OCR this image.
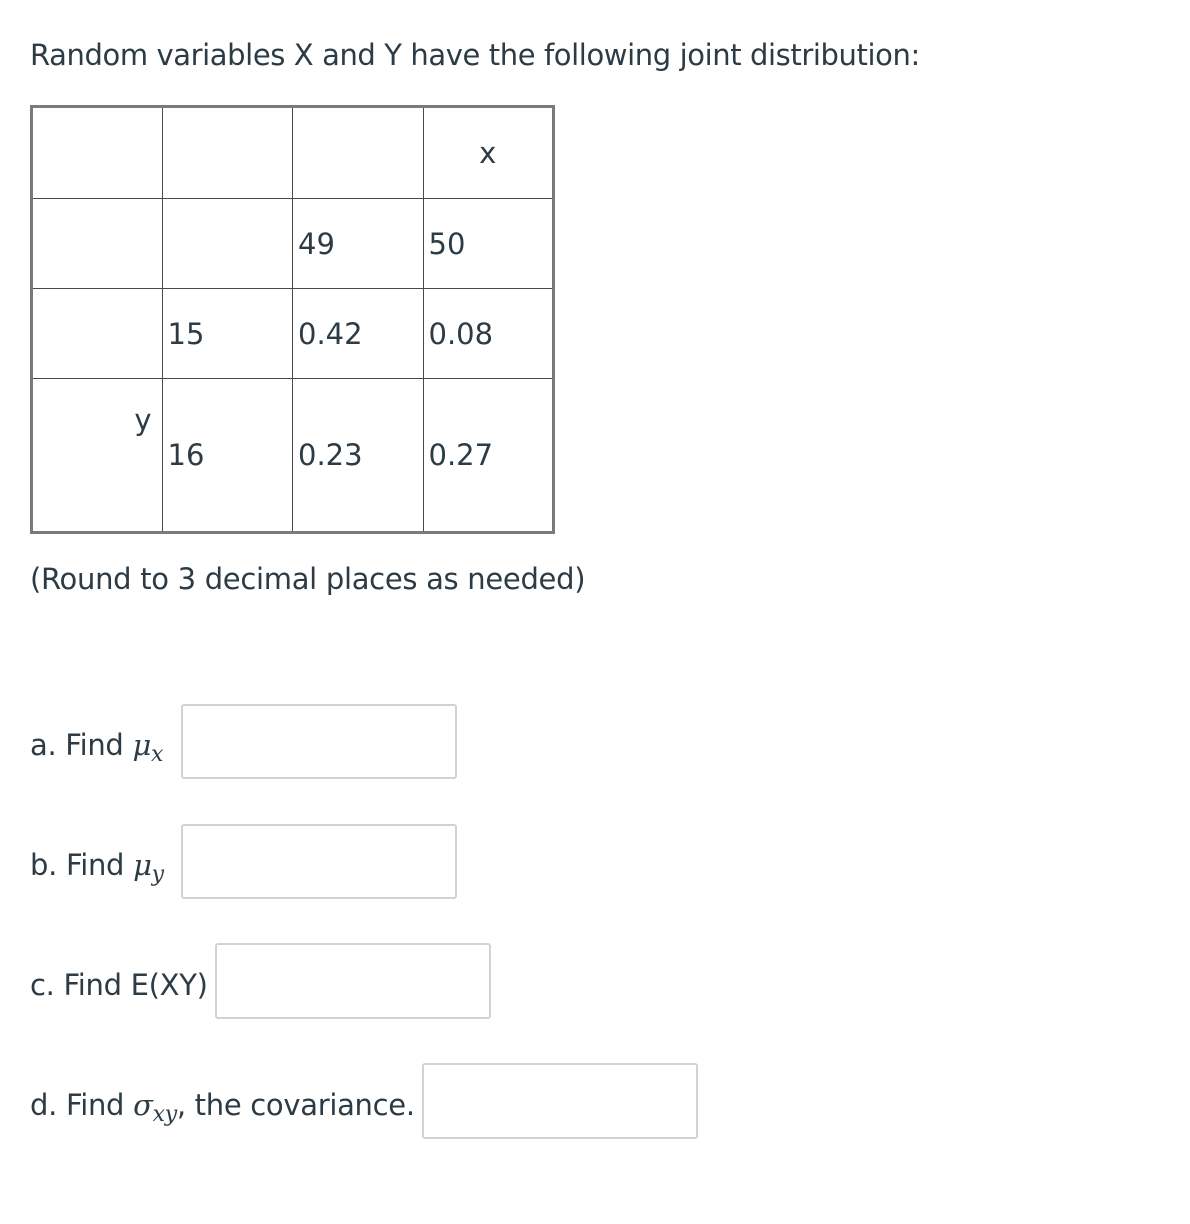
Random variables X and Y have the following joint distribution:
			x
		49	50
	15	0.42	0.08
y	16	0.23	0.27
(Round to 3 decimal places as needed)
a. Find $\mu_x$
b. Find $\mu_y$
c. Find E(XY)
d. Find $\sigma_{xy}$, the covariance.
